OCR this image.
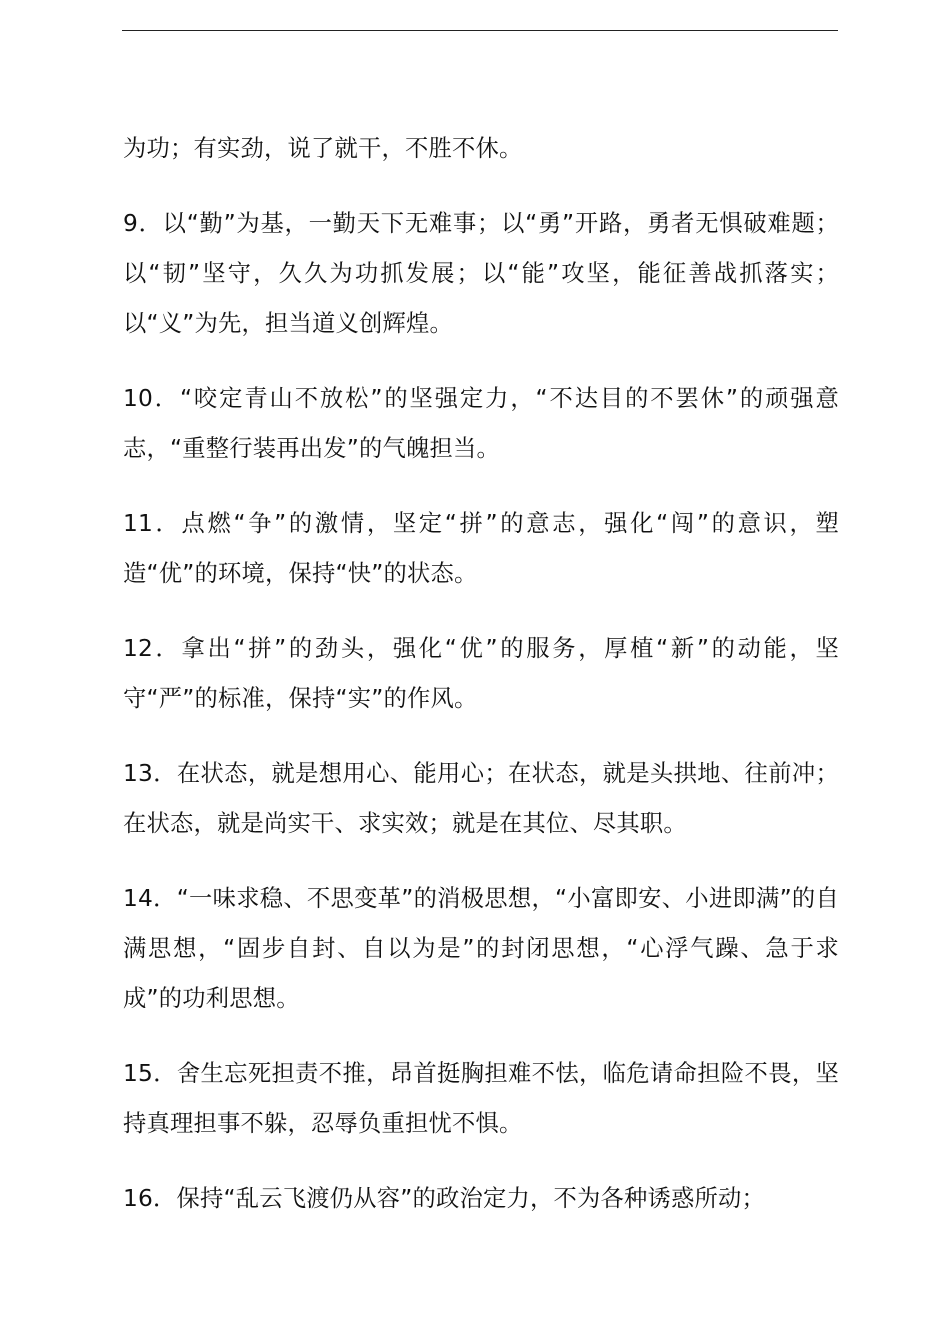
为功；有实劲，说了就干，不胜不休。

9．以“勤”为基，一勤天下无难事；以“勇”开路，勇者无惧破难题；以“韧”坚守，久久为功抓发展；以“能”攻坚，能征善战抓落实；以“义”为先，担当道义创辉煌。

10．“咬定青山不放松”的坚强定力，“不达目的不罢休”的顽强意志，“重整行装再出发”的气魄担当。

11．点燃“争”的激情，坚定“拼”的意志，强化“闯”的意识，塑造“优”的环境，保持“快”的状态。

12．拿出“拼”的劲头，强化“优”的服务，厚植“新”的动能，坚守“严”的标准，保持“实”的作风。

13．在状态，就是想用心、能用心；在状态，就是头拱地、往前冲；在状态，就是尚实干、求实效；就是在其位、尽其职。

14．“一味求稳、不思变革”的消极思想，“小富即安、小进即满”的自满思想，“固步自封、自以为是”的封闭思想，“心浮气躁、急于求成”的功利思想。

15．舍生忘死担责不推，昂首挺胸担难不怯，临危请命担险不畏，坚持真理担事不躲，忍辱负重担忧不惧。

16．保持“乱云飞渡仍从容”的政治定力，不为各种诱惑所动；
